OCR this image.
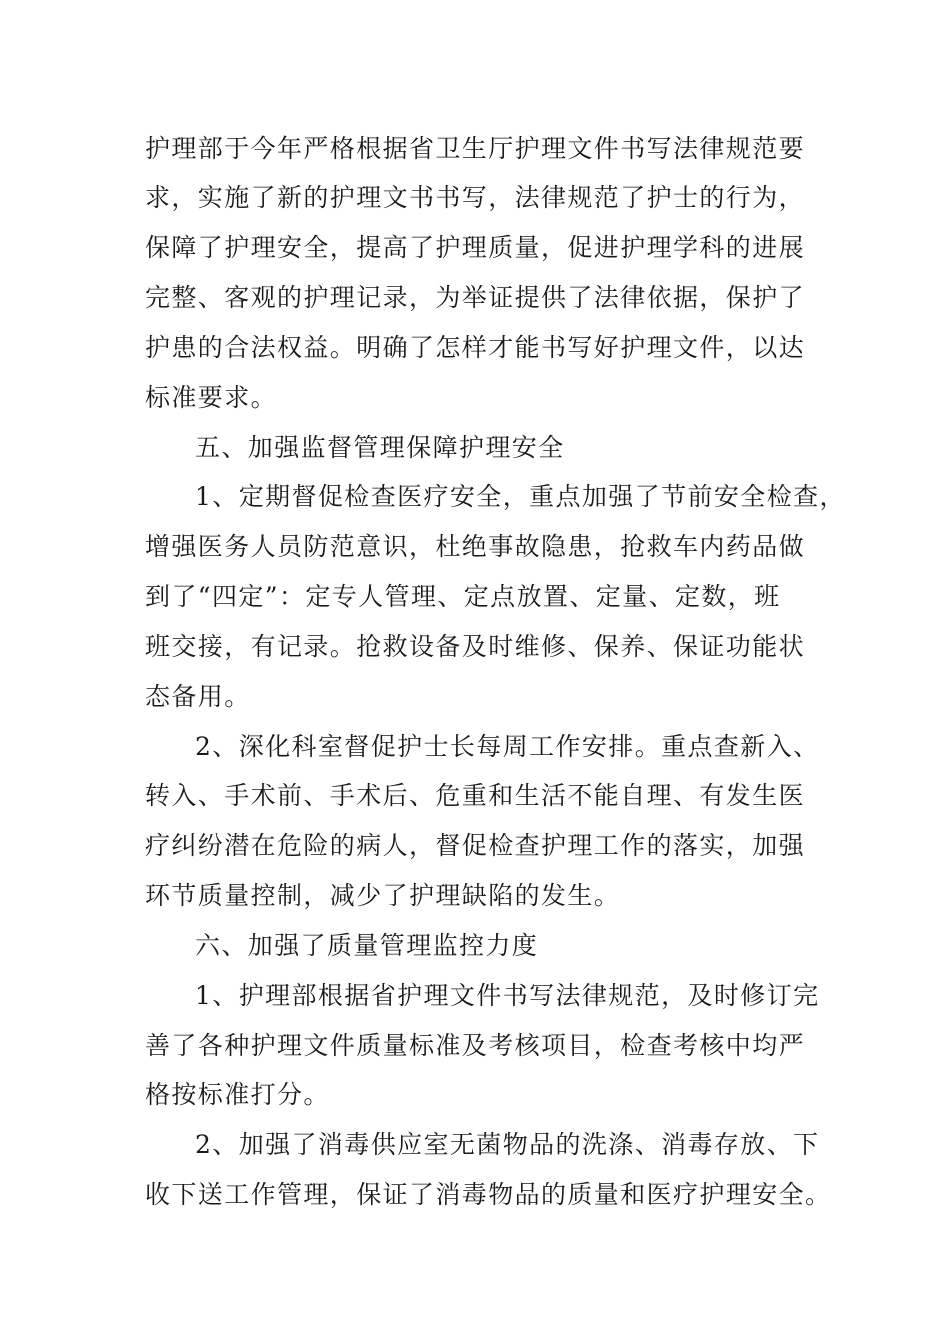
护理部于今年严格根据省卫生厅护理文件书写法律规范要
求，实施了新的护理文书书写，法律规范了护士的行为，
保障了护理安全，提高了护理质量，促进护理学科的进展
完整、客观的护理记录，为举证提供了法律依据，保护了
护患的合法权益。明确了怎样才能书写好护理文件，以达
标准要求。
五、加强监督管理保障护理安全
1、定期督促检查医疗安全，重点加强了节前安全检查，
增强医务人员防范意识，杜绝事故隐患，抢救车内药品做
到了“四定”：定专人管理、定点放置、定量、定数，班
班交接，有记录。抢救设备及时维修、保养、保证功能状
态备用。
2、深化科室督促护士长每周工作安排。重点查新入、
转入、手术前、手术后、危重和生活不能自理、有发生医
疗纠纷潜在危险的病人，督促检查护理工作的落实，加强
环节质量控制，减少了护理缺陷的发生。
六、加强了质量管理监控力度
1、护理部根据省护理文件书写法律规范，及时修订完
善了各种护理文件质量标准及考核项目，检查考核中均严
格按标准打分。
2、加强了消毒供应室无菌物品的洗涤、消毒存放、下
收下送工作管理，保证了消毒物品的质量和医疗护理安全。
